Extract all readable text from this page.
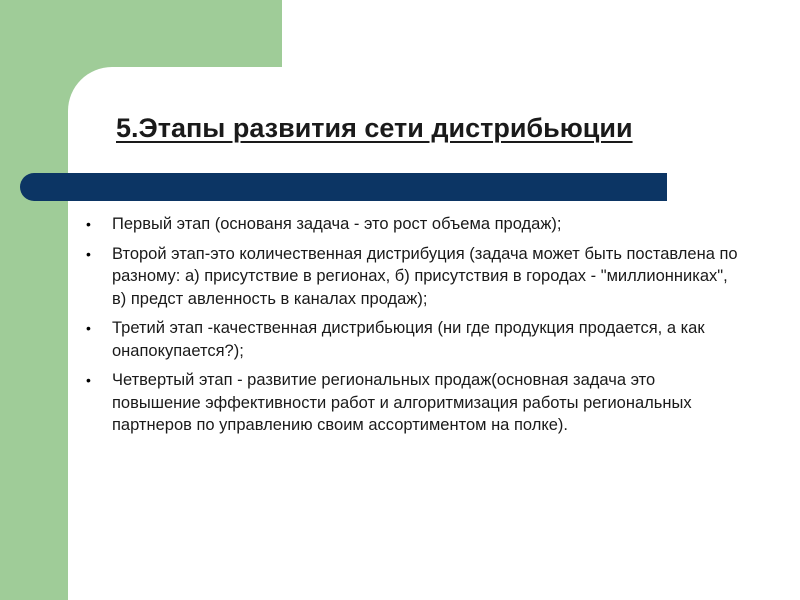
5.Этапы развития сети дистрибьюции
• Первый этап (основаня задача - это рост объема продаж);
• Второй этап-это количественная дистрибуция (задача может быть поставлена по разному: а) присутствие в регионах, б) присутствия в городах - "миллионниках", в) предст авленность в каналах продаж);
• Третий этап -качественная дистрибьюция (ни где продукция продается, а как онапокупается?);
• Четвертый этап - развитие региональных продаж(основная задача это повышение эффективности работ и алгоритмизация работы региональных партнеров по управлению своим ассортиментом на полке).
